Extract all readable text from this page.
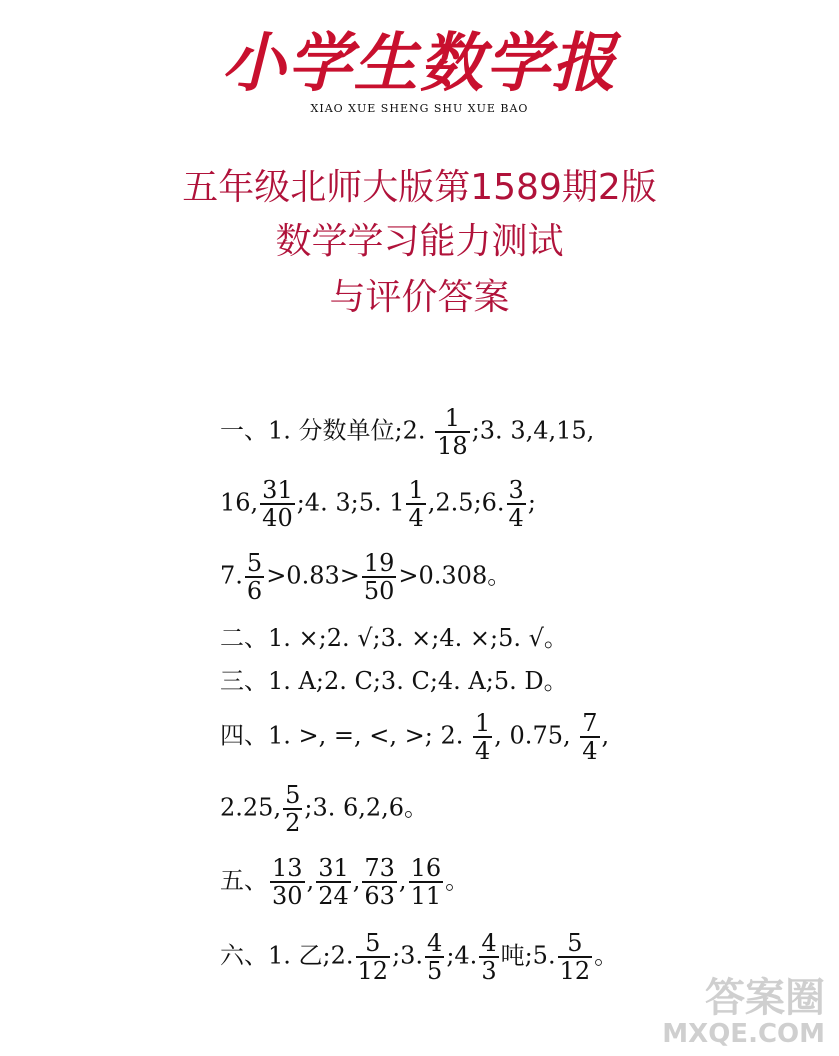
小学生数学报
XIAO XUE SHENG SHU XUE BAO
五年级北师大版第1589期2版
数学学习能力测试
与评价答案
一、1. 分数单位;2. $\frac{1}{18}$ ;3. 3,4,15,
16, $\frac{31}{40}$ ;4. 3;5. $1 \frac{1}{4}$ ,2.5;6. $\frac{3}{4}$ ;
7. $\frac{5}{6} >0.83> \frac{19}{50} >0.308$。
二、1. ×;2. √;3. ×;4. ×;5. √。
三、1. A;2. C;3. C;4. A;5. D。
四、1. >, =, <, >; 2. $\frac{1}{4}$ , 0.75, $\frac{7}{4}$ ,
2.25, $\frac{5}{2}$ ;3. 6,2,6。
五、 $\frac{13}{30}$ , $\frac{31}{24}$ , $\frac{73}{63}$ , $\frac{16}{11}$ 。
六、1. 乙;2. $\frac{5}{12}$ ;3. $\frac{4}{5}$ ;4. $\frac{4}{3}$ 吨;5. $\frac{5}{12}$ 。
答案圈
MXQE.COM
